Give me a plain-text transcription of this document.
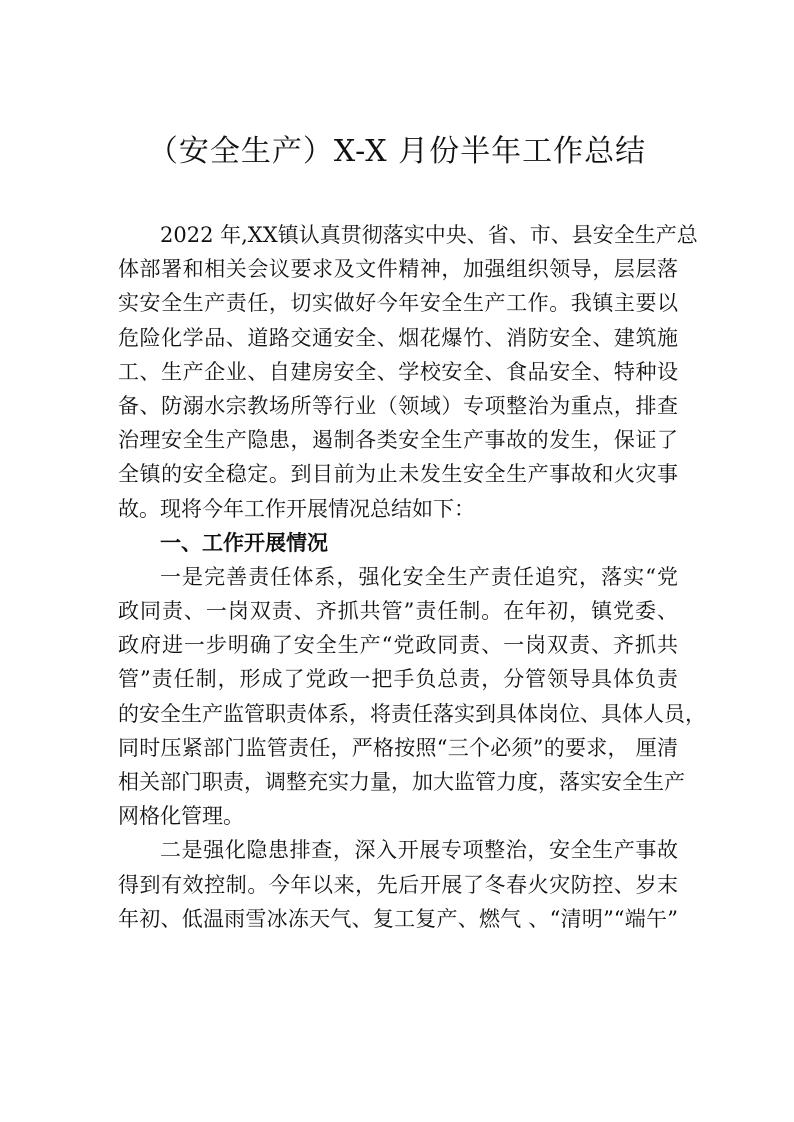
（安全生产）X-X 月份半年工作总结
2022 年,XX镇认真贯彻落实中央、省、市、县安全生产总
体部署和相关会议要求及文件精神，加强组织领导，层层落
实安全生产责任，切实做好今年安全生产工作。我镇主要以
危险化学品、道路交通安全、烟花爆竹、消防安全、建筑施
工、生产企业、自建房安全、学校安全、食品安全、特种设
备、防溺水宗教场所等行业（领域）专项整治为重点，排查
治理安全生产隐患，遏制各类安全生产事故的发生，保证了
全镇的安全稳定。到目前为止未发生安全生产事故和火灾事
故。现将今年工作开展情况总结如下：
一、工作开展情况
一是完善责任体系，强化安全生产责任追究，落实“党
政同责、一岗双责、齐抓共管”责任制。在年初，镇党委、
政府进一步明确了安全生产“党政同责、一岗双责、齐抓共
管”责任制，形成了党政一把手负总责，分管领导具体负责
的安全生产监管职责体系，将责任落实到具体岗位、具体人员，
同时压紧部门监管责任，严格按照“三个必须”的要求， 厘清
相关部门职责，调整充实力量，加大监管力度，落实安全生产
网格化管理。
二是强化隐患排查，深入开展专项整治，安全生产事故
得到有效控制。今年以来，先后开展了冬春火灾防控、岁末
年初、低温雨雪冰冻天气、复工复产、燃气 、“清明”“端午”
